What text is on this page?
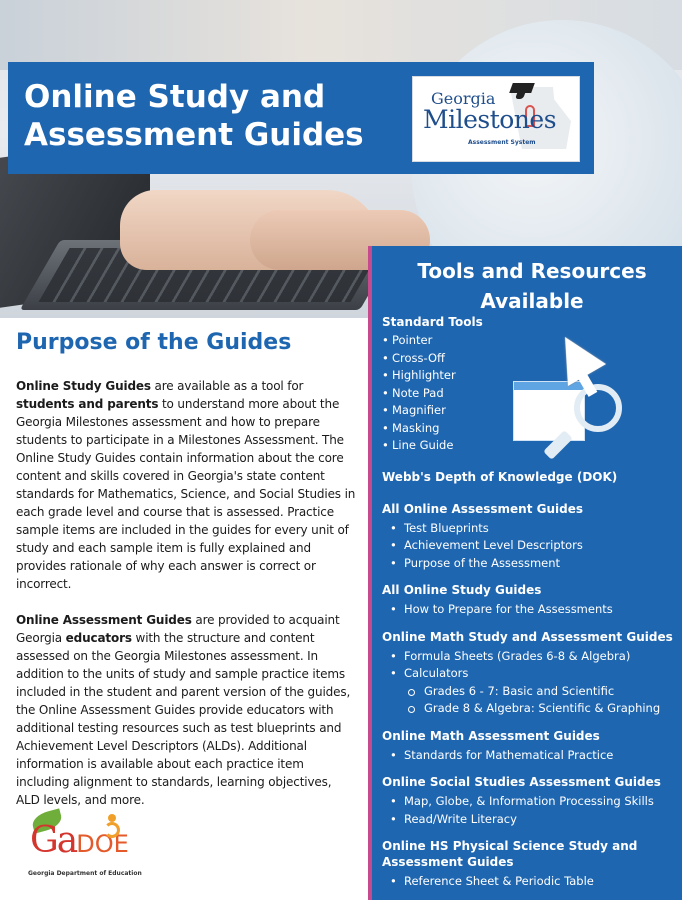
Online Study and
Assessment Guides
Georgia
Milestones
Assessment System
Purpose of the Guides

Online Study Guides are available as a tool for students and parents to understand more about the Georgia Milestones assessment and how to prepare students to participate in a Milestones Assessment. The Online Study Guides contain information about the core content and skills covered in Georgia's state content standards for Mathematics, Science, and Social Studies in each grade level and course that is assessed. Practice sample items are included in the guides for every unit of study and each sample item is fully explained and provides rationale of why each answer is correct or incorrect.

Online Assessment Guides are provided to acquaint Georgia educators with the structure and content assessed on the Georgia Milestones assessment. In addition to the units of study and sample practice items included in the student and parent version of the guides, the Online Assessment Guides provide educators with additional testing resources such as test blueprints and Achievement Level Descriptors (ALDs). Additional information is available about each practice item including alignment to standards, learning objectives, ALD levels, and more.

GaDOE
Georgia Department of Education
Tools and Resources
Available
Standard Tools
• Pointer
• Cross-Off
• Highlighter
• Note Pad
• Magnifier
• Masking
• Line Guide
Webb's Depth of Knowledge (DOK)
All Online Assessment Guides
• Test Blueprints
• Achievement Level Descriptors
• Purpose of the Assessment
All Online Study Guides
• How to Prepare for the Assessments
Online Math Study and Assessment Guides
• Formula Sheets (Grades 6-8 & Algebra)
• Calculators
Grades 6 - 7: Basic and Scientific
Grade 8 & Algebra: Scientific & Graphing
Online Math Assessment Guides
• Standards for Mathematical Practice
Online Social Studies Assessment Guides
• Map, Globe, & Information Processing Skills
• Read/Write Literacy
Online HS Physical Science Study and Assessment Guides
• Reference Sheet & Periodic Table
